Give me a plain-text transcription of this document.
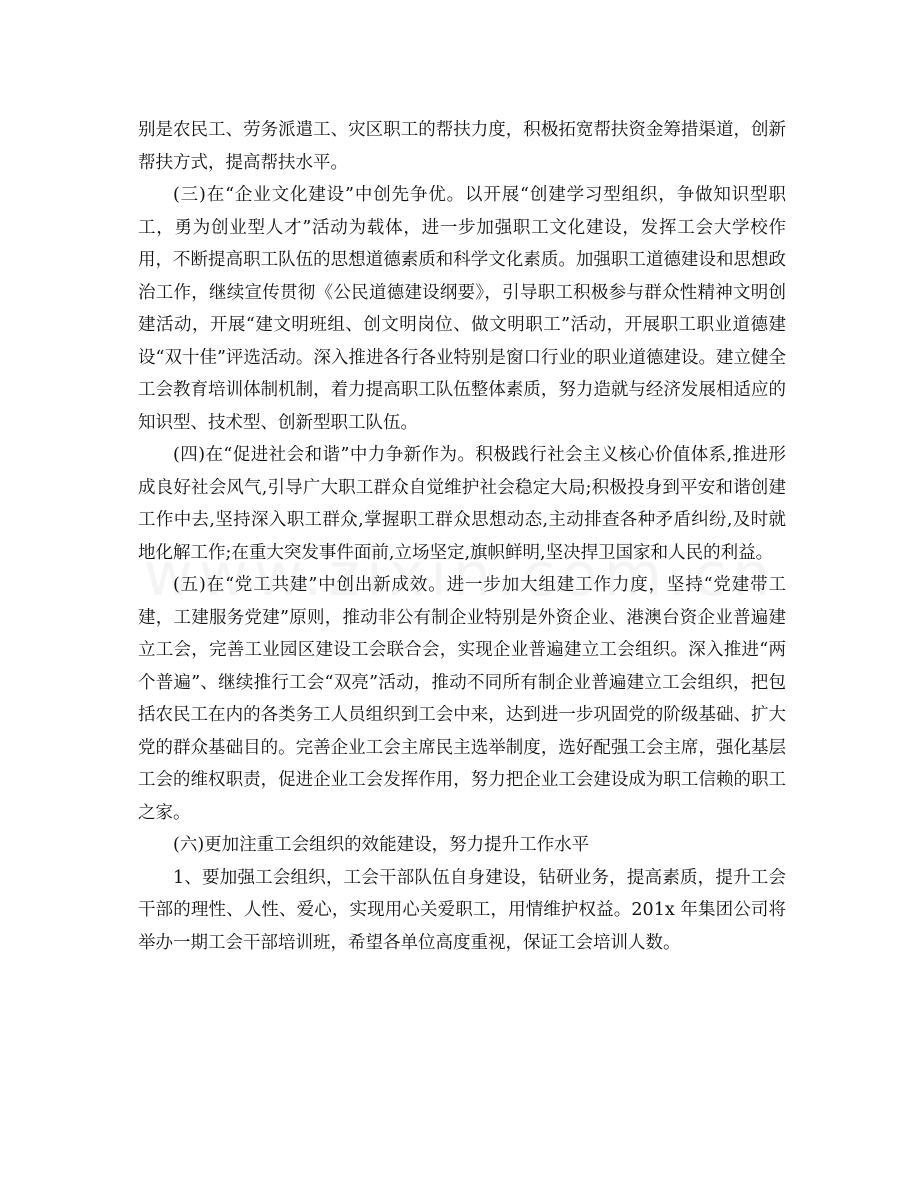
别是农民工、劳务派遣工、灾区职工的帮扶力度，积极拓宽帮扶资金筹措渠道，创新帮扶方式，提高帮扶水平。

(三)在“企业文化建设”中创先争优。以开展“创建学习型组织，争做知识型职工，勇为创业型人才”活动为载体，进一步加强职工文化建设，发挥工会大学校作用，不断提高职工队伍的思想道德素质和科学文化素质。加强职工道德建设和思想政治工作，继续宣传贯彻《公民道德建设纲要》，引导职工积极参与群众性精神文明创建活动，开展“建文明班组、创文明岗位、做文明职工”活动，开展职工职业道德建设“双十佳”评选活动。深入推进各行各业特别是窗口行业的职业道德建设。建立健全工会教育培训体制机制，着力提高职工队伍整体素质，努力造就与经济发展相适应的知识型、技术型、创新型职工队伍。

(四)在“促进社会和谐”中力争新作为。积极践行社会主义核心价值体系,推进形成良好社会风气,引导广大职工群众自觉维护社会稳定大局;积极投身到平安和谐创建工作中去,坚持深入职工群众,掌握职工群众思想动态,主动排查各种矛盾纠纷,及时就地化解工作;在重大突发事件面前,立场坚定,旗帜鲜明,坚决捍卫国家和人民的利益。

(五)在“党工共建”中创出新成效。进一步加大组建工作力度，坚持“党建带工建，工建服务党建”原则，推动非公有制企业特别是外资企业、港澳台资企业普遍建立工会，完善工业园区建设工会联合会，实现企业普遍建立工会组织。深入推进“两个普遍”、继续推行工会“双亮”活动，推动不同所有制企业普遍建立工会组织，把包括农民工在内的各类务工人员组织到工会中来，达到进一步巩固党的阶级基础、扩大党的群众基础目的。完善企业工会主席民主选举制度，选好配强工会主席，强化基层工会的维权职责，促进企业工会发挥作用，努力把企业工会建设成为职工信赖的职工之家。

(六)更加注重工会组织的效能建设，努力提升工作水平

1、要加强工会组织，工会干部队伍自身建设，钻研业务，提高素质，提升工会干部的理性、人性、爱心，实现用心关爱职工，用情维护权益。201x 年集团公司将举办一期工会干部培训班，希望各单位高度重视，保证工会培训人数。
